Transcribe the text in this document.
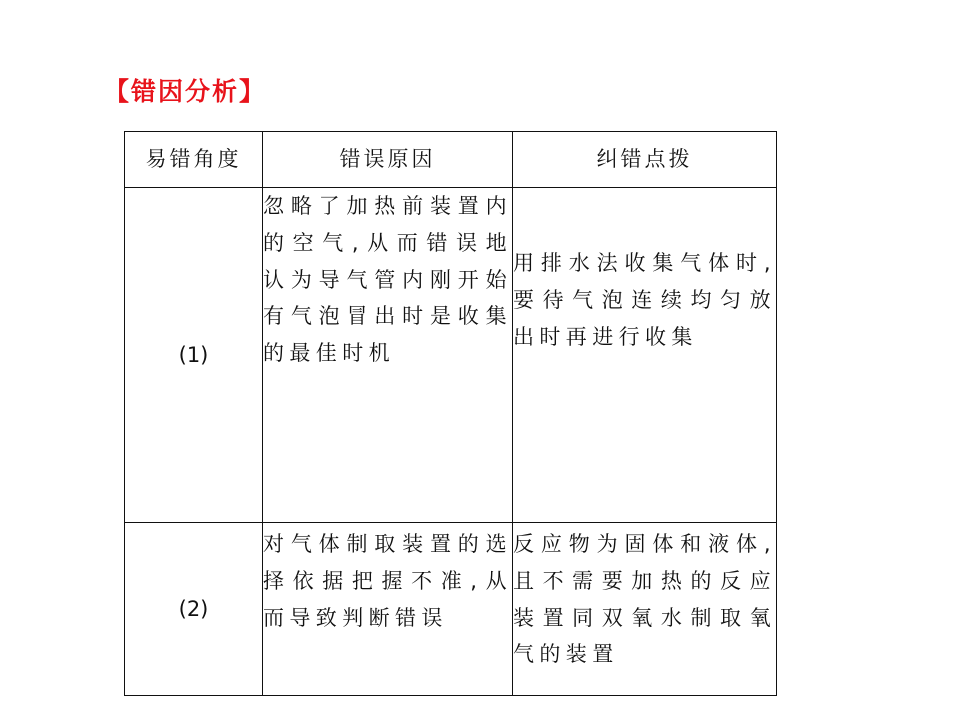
【错因分析】
易错角度	错误原因	纠错点拨
(1)	忽略了加热前装置内的空气,从而错误地认为导气管内刚开始有气泡冒出时是收集的最佳时机	用排水法收集气体时,要待气泡连续均匀放出时再进行收集
(2)	对气体制取装置的选择依据把握不准,从而导致判断错误	反应物为固体和液体,且不需要加热的反应装置同双氧水制取氧气的装置
